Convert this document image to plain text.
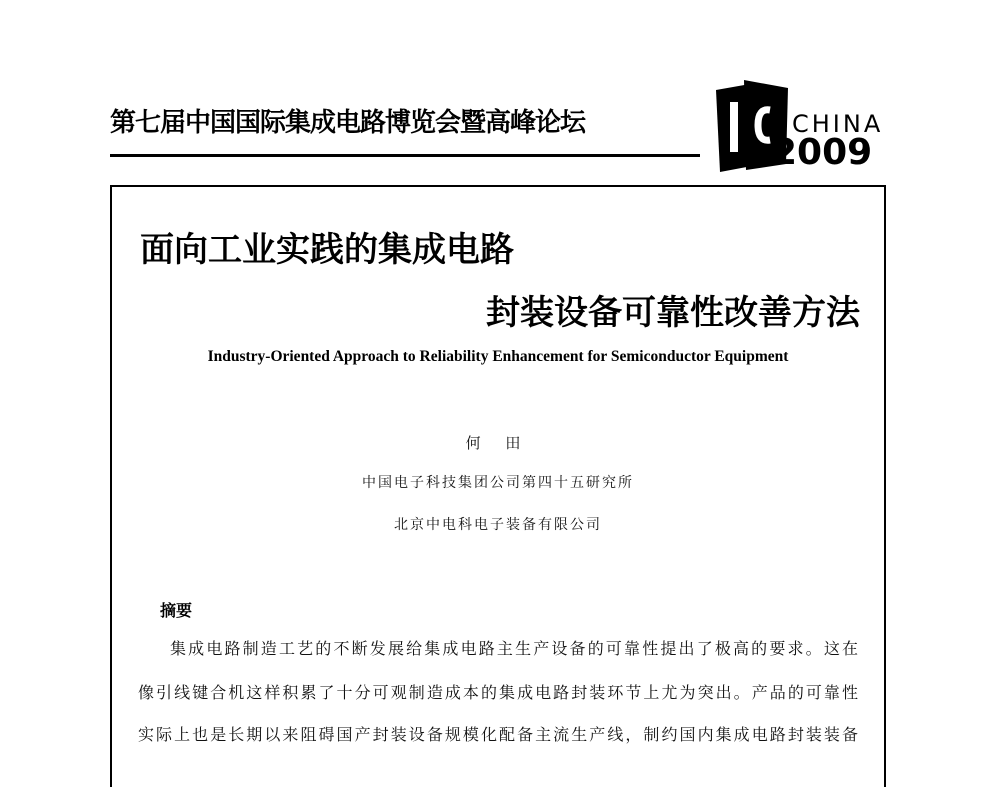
第七届中国国际集成电路博览会暨高峰论坛	CHINA
2009
面向工业实践的集成电路
封装设备可靠性改善方法
Industry-Oriented Approach to Reliability Enhancement for Semiconductor Equipment
何 田
中国电子科技集团公司第四十五研究所
北京中电科电子装备有限公司
摘要
集成电路制造工艺的不断发展给集成电路主生产设备的可靠性提出了极高的要求。这在
像引线键合机这样积累了十分可观制造成本的集成电路封装环节上尤为突出。产品的可靠性
实际上也是长期以来阻碍国产封装设备规模化配备主流生产线，制约国内集成电路封装装备
